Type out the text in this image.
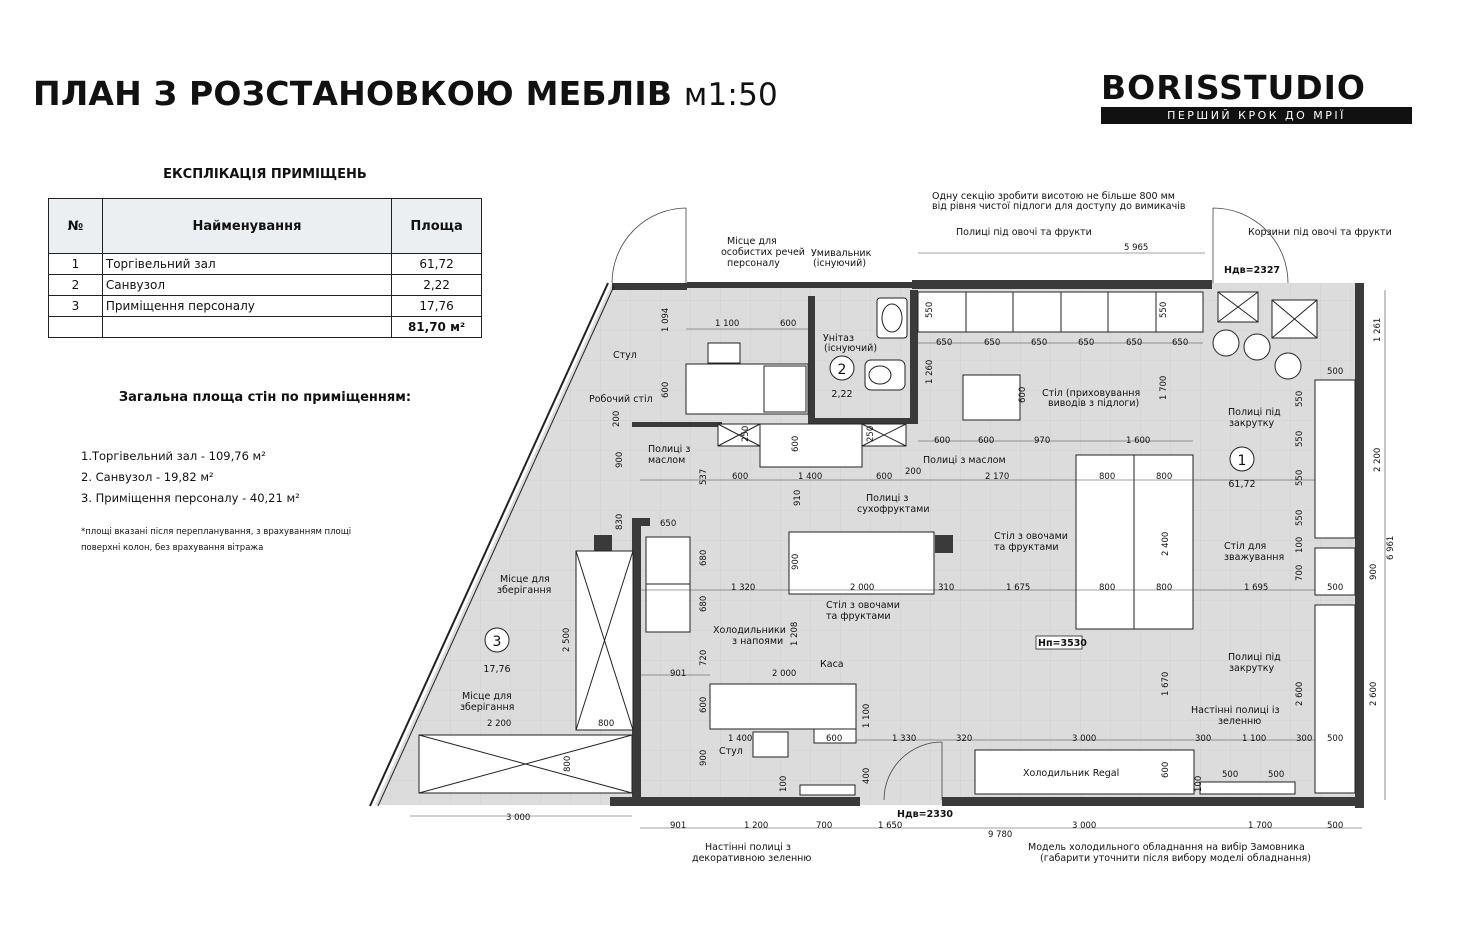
ПЛАН З РОЗСТАНОВКОЮ МЕБЛІВ м1:50	BORISSTUDIO
ПЕРШИЙ КРОК ДО МРІЇ
ЕКСПЛІКАЦІЯ ПРИМІЩЕНЬ
№	Найменування	Площа
1	Торгівельний зал	61,72
2	Санвузол	2,22
3	Приміщення персоналу	17,76
		81,70 м²
Загальна площа стін по приміщенням:
1.Торгівельний зал - 109,76 м²
2. Санвузол - 19,82 м²
3. Приміщення персоналу - 40,21 м²
*площі вказані після перепланування, з врахуванням площі поверхні колон, без врахування вітража
Одну секцію зробити висотою не більше 800 мм
від рівня чистої підлоги для доступу до вимикачів
Полиці під овочі та фрукти	Корзини під овочі та фрукти
Місце для
особистих речей
персоналу
Умивальник
(існуючий)
Унітаз
(існуючий)
Стул
Робочий стіл
Стіл (приховування
виводів з підлоги)
Полиці з
маслом	Полиці з маслом
Полиці з
сухофруктами
Стіл з овочами
та фруктами
Стіл з овочами
та фруктами
Полиці під
закрутку
Стіл для
зважування
Полиці під
закрутку
Місце для
зберігання
Місце для
зберігання
Холодильники
з напоями
Каса
Стул
Настінні полиці із
зеленню
Холодильник Regal
Настінні полиці з
декоративною зеленню
Модель холодильного обладнання на вибір Замовника
(габарити уточнити після вибору моделі обладнання)
1
61,72
2
2,22
3
17,76
Hдв=2327
Hдв=2330
Hп=3530
5 965
1 100	600
650	650	650	650	650	650
500
600	600	970	1 600
600	1 400	600 200	2 170	800	800
650
1 320	2 000	310	1 675	800	800	1 695	500
901	2 000
2 200	800
1 400	600	1 330	320	3 000	300	1 100	300 500
500	500
3 000
901	1 200	700	1 650	3 000	1 700	500
9 780
1 094	550	550
1 261
600
1 260
600	1 700	550
200
250
600
250	550
900
537
2 200
550
910
830	550
100	6 961
680	900
2 400
700	900
680
2 500	1 208
720
1 670	2 600	2 600
600	1 100
900
800	600
400
100	100
